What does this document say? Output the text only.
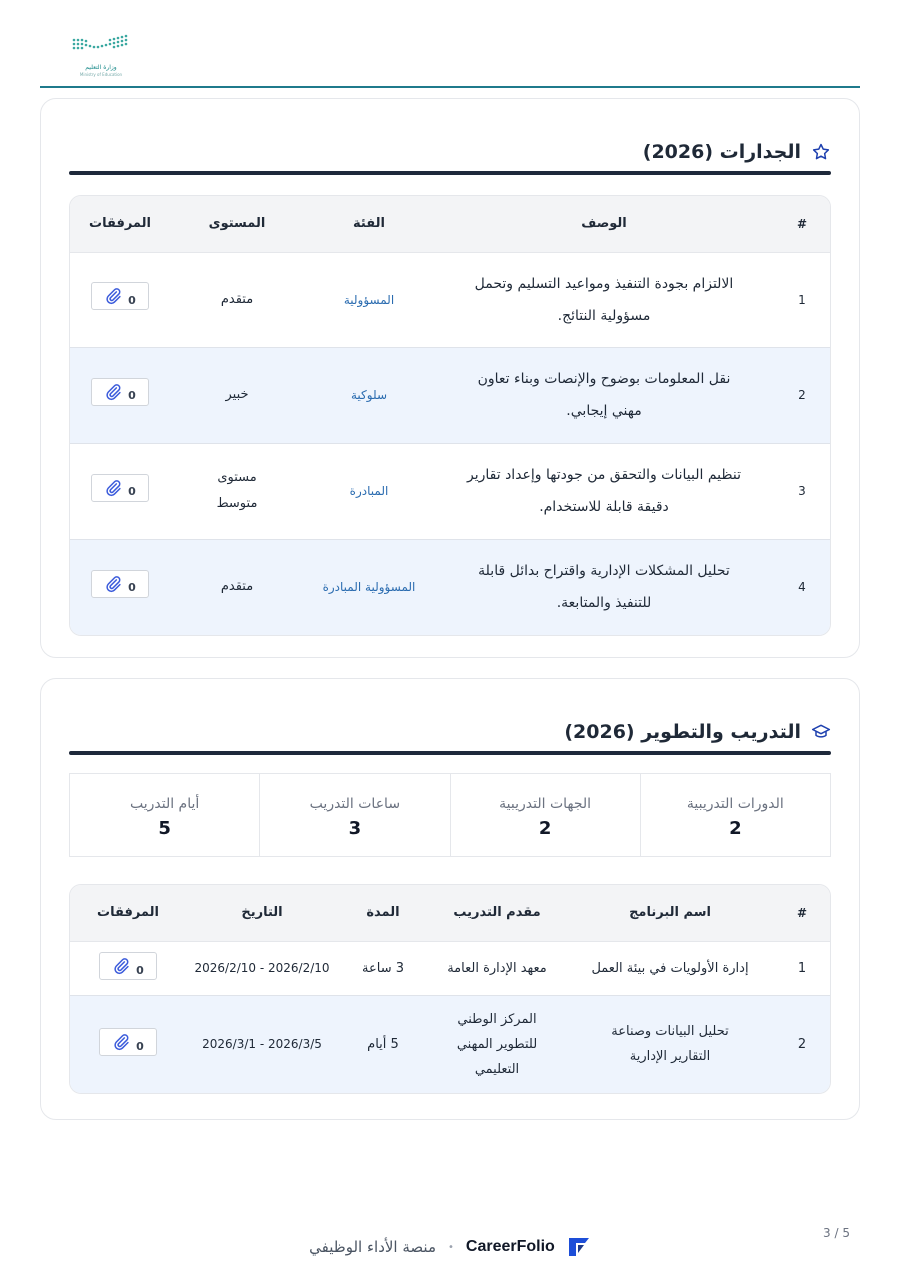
وزارة التعليم
Ministry of Education
الجدارات (2026)
#	الوصف	الفئة	المستوى	المرفقات
1	الالتزام بجودة التنفيذ ومواعيد التسليم وتحمل مسؤولية النتائج.	المسؤولية	متقدم	0

2	نقل المعلومات بوضوح والإنصات وبناء تعاون مهني إيجابي.	سلوكية	خبير	0

3	تنظيم البيانات والتحقق من جودتها وإعداد تقارير دقيقة قابلة للاستخدام.	المبادرة	مستوى متوسط	0

4	تحليل المشكلات الإدارية واقتراح بدائل قابلة للتنفيذ والمتابعة.	المسؤولية المبادرة	متقدم	0
التدريب والتطوير (2026)
الدورات التدريبية
2
الجهات التدريبية
2
ساعات التدريب
3
أيام التدريب
5
#	اسم البرنامج	مقدم التدريب	المدة	التاريخ	المرفقات
1	إدارة الأولويات في بيئة العمل	معهد الإدارة العامة	3 ساعة	2026/2/10 - 2026/2/10	0

2	تحليل البيانات وصناعة التقارير الإدارية	المركز الوطني للتطوير المهني التعليمي	5 أيام	2026/3/5 - 2026/3/1	0
3 / 5
منصة الأداء الوظيفي • CareerFolio
